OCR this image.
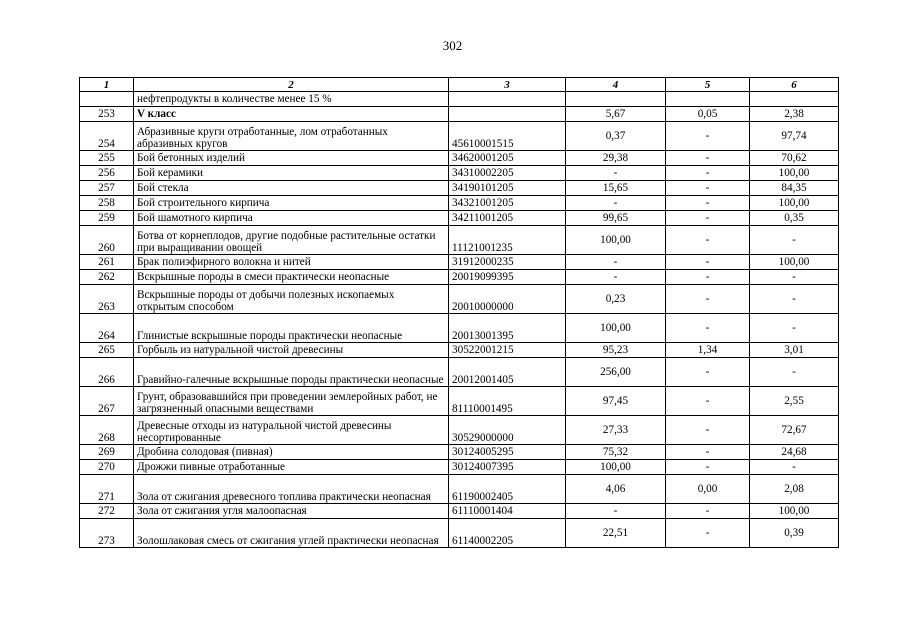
302
1	2	3	4	5	6
	нефтепродукты в количестве менее 15 %				
253	V класс		5,67	0,05	2,38
254	Абразивные круги отработанные, лом отработанных абразивных кругов	45610001515	0,37	-	97,74
255	Бой бетонных изделий	34620001205	29,38	-	70,62
256	Бой керамики	34310002205	-	-	100,00
257	Бой стекла	34190101205	15,65	-	84,35
258	Бой строительного кирпича	34321001205	-	-	100,00
259	Бой шамотного кирпича	34211001205	99,65	-	0,35
260	Ботва от корнеплодов, другие подобные растительные остатки при выращивании овощей	11121001235	100,00	-	-
261	Брак полиэфирного волокна и нитей	31912000235	-	-	100,00
262	Вскрышные породы в смеси практически неопасные	20019099395	-	-	-
263	Вскрышные породы от добычи полезных ископаемых открытым способом	20010000000	0,23	-	-
264	Глинистые вскрышные породы практически неопасные	20013001395	100,00	-	-
265	Горбыль из натуральной чистой древесины	30522001215	95,23	1,34	3,01
266	Гравийно-галечные вскрышные породы практически неопасные	20012001405	256,00	-	-
267	Грунт, образовавшийся при проведении землеройных работ, не загрязненный опасными веществами	81110001495	97,45	-	2,55
268	Древесные отходы из натуральной чистой древесины несортированные	30529000000	27,33	-	72,67
269	Дробина солодовая (пивная)	30124005295	75,32	-	24,68
270	Дрожжи пивные отработанные	30124007395	100,00	-	-
271	Зола от сжигания древесного топлива практически неопасная	61190002405	4,06	0,00	2,08
272	Зола от сжигания угля малоопасная	61110001404	-	-	100,00
273	Золошлаковая смесь от сжигания углей практически неопасная	61140002205	22,51	-	0,39
